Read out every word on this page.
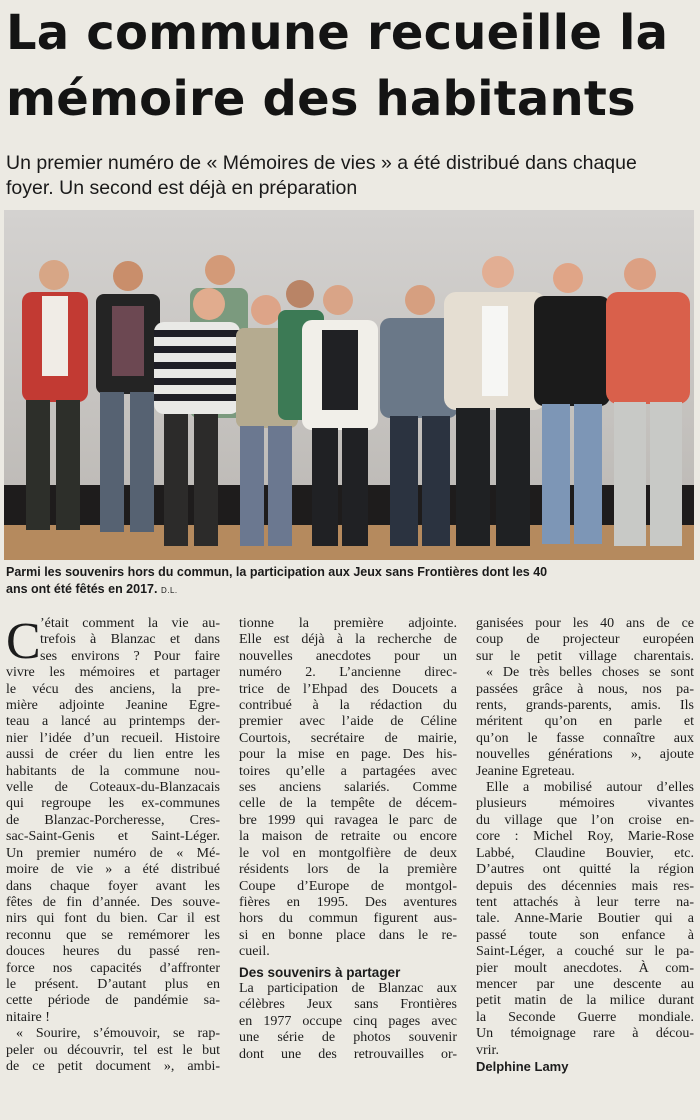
La commune recueille la
mémoire des habitants
Un premier numéro de « Mémoires de vies » a été distribué dans chaque
foyer. Un second est déjà en préparation
Parmi les souvenirs hors du commun, la participation aux Jeux sans Frontières dont les 40
ans ont été fêtés en 2017. D.L.
C ’était comment la vie au-
trefois à Blanzac et dans
ses environs ? Pour faire
vivre les mémoires et partager
le vécu des anciens, la pre-
mière adjointe Jeanine Egre-
teau a lancé au printemps der-
nier l’idée d’un recueil. Histoire
aussi de créer du lien entre les
habitants de la commune nou-
velle de Coteaux-du-Blanzacais
qui regroupe les ex-communes
de Blanzac-Porcheresse, Cres-
sac-Saint-Genis et Saint-Léger.
Un premier numéro de « Mé-
moire de vie » a été distribué
dans chaque foyer avant les
fêtes de fin d’année. Des souve-
nirs qui font du bien. Car il est
reconnu que se remémorer les
douces heures du passé ren-
force nos capacités d’affronter
le présent. D’autant plus en
cette période de pandémie sa-
nitaire !
« Sourire, s’émouvoir, se rap-
peler ou découvrir, tel est le but
de ce petit document », ambi-
tionne la première adjointe.
Elle est déjà à la recherche de
nouvelles anecdotes pour un
numéro 2. L’ancienne direc-
trice de l’Ehpad des Doucets a
contribué à la rédaction du
premier avec l’aide de Céline
Courtois, secrétaire de mairie,
pour la mise en page. Des his-
toires qu’elle a partagées avec
ses anciens salariés. Comme
celle de la tempête de décem-
bre 1999 qui ravagea le parc de
la maison de retraite ou encore
le vol en montgolfière de deux
résidents lors de la première
Coupe d’Europe de montgol-
fières en 1995. Des aventures
hors du commun figurent aus-
si en bonne place dans le re-
cueil.
Des souvenirs à partager
La participation de Blanzac aux
célèbres Jeux sans Frontières
en 1977 occupe cinq pages avec
une série de photos souvenir
dont une des retrouvailles or-
ganisées pour les 40 ans de ce
coup de projecteur européen
sur le petit village charentais.
« De très belles choses se sont
passées grâce à nous, nos pa-
rents, grands-parents, amis. Ils
méritent qu’on en parle et
qu’on le fasse connaître aux
nouvelles générations », ajoute
Jeanine Egreteau.
Elle a mobilisé autour d’elles
plusieurs mémoires vivantes
du village que l’on croise en-
core : Michel Roy, Marie-Rose
Labbé, Claudine Bouvier, etc.
D’autres ont quitté la région
depuis des décennies mais res-
tent attachés à leur terre na-
tale. Anne-Marie Boutier qui a
passé toute son enfance à
Saint-Léger, a couché sur le pa-
pier moult anecdotes. À com-
mencer par une descente au
petit matin de la milice durant
la Seconde Guerre mondiale.
Un témoignage rare à décou-
vrir.
Delphine Lamy
